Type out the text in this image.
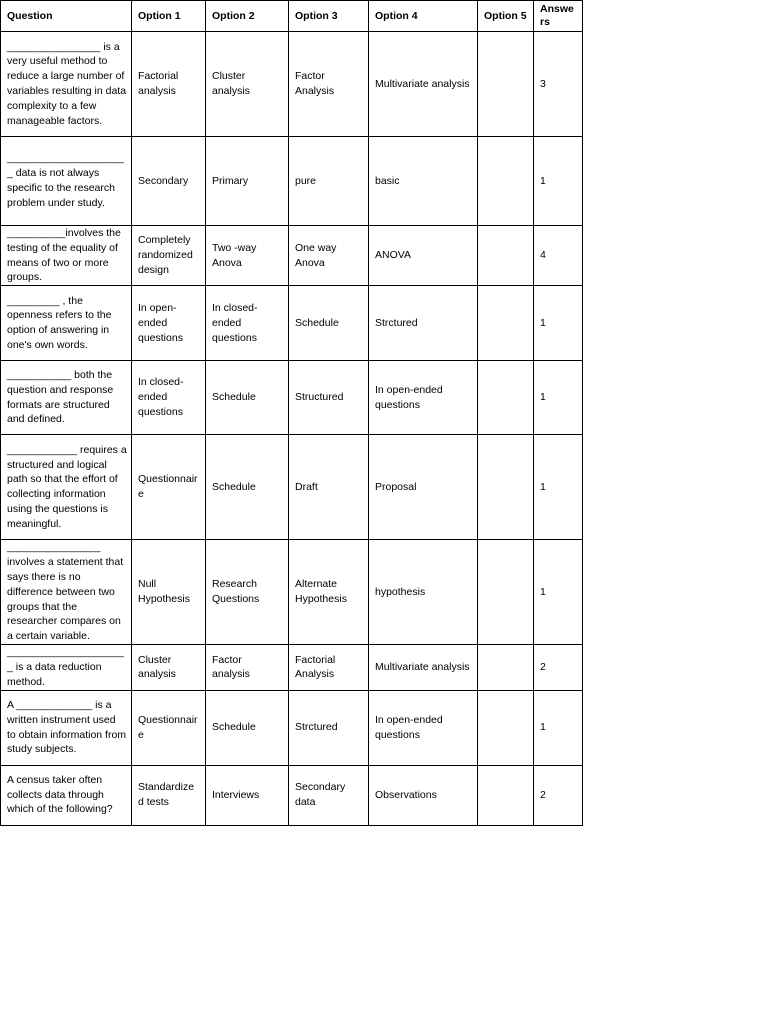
Question	Option 1	Option 2	Option 3	Option 4	Option 5	Answers
________________ is a very useful method to reduce a large number of variables resulting in data complexity to a few manageable factors.	Factorial analysis	Cluster analysis	Factor Analysis	Multivariate analysis		3
_____________________ data is not always specific to the research problem under study.	Secondary	Primary	pure	basic		1
__________involves the testing of the equality of means of two or more groups.	Completely randomized design	Two -way Anova	One way Anova	ANOVA		4
_________ , the openness refers to the option of answering in one's own words.	In open-ended questions	In closed-ended questions	Schedule	Strctured		1
___________ both the question and response formats are structured and defined.	In closed-ended questions	Schedule	Structured	In open-ended questions		1
____________ requires a structured and logical path so that the effort of collecting information using the questions is meaningful.	Questionnaire	Schedule	Draft	Proposal		1
________________ involves a statement that says there is no difference between two groups that the researcher compares on a certain variable.	Null Hypothesis	Research Questions	Alternate Hypothesis	hypothesis		1
_____________________ is a data reduction method.	Cluster analysis	Factor analysis	Factorial Analysis	Multivariate analysis		2
A _____________ is a written instrument used to obtain information from study subjects.	Questionnaire	Schedule	Strctured	In open-ended questions		1
A census taker often collects data through which of the following?	Standardized tests	Interviews	Secondary data	Observations		2
